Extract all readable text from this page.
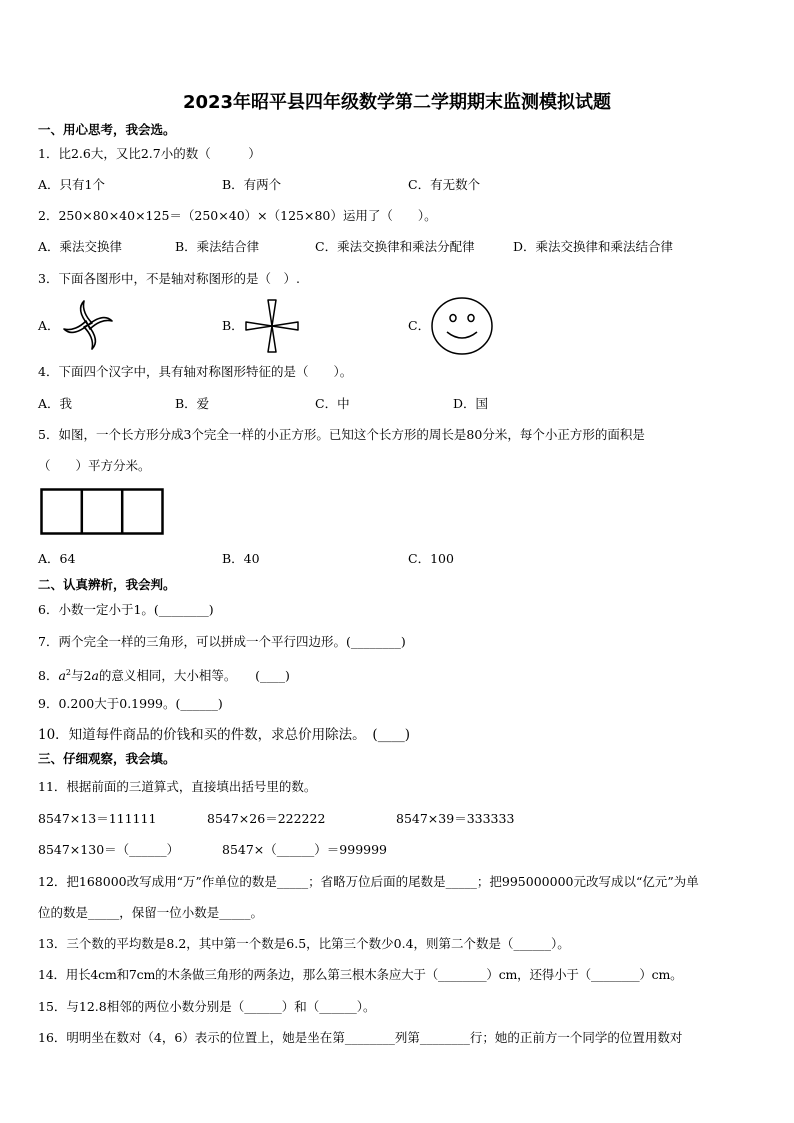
2023年昭平县四年级数学第二学期期末监测模拟试题
一、用心思考，我会选。
1．比2.6大，又比2.7小的数（　　　）
A．只有1个	B．有两个	C．有无数个
2．250×80×40×125＝（250×40）×（125×80）运用了（　　）。
A．乘法交换律	B．乘法结合律	C．乘法交换律和乘法分配律	D．乘法交换律和乘法结合律
3．下面各图形中，不是轴对称图形的是（　）.
A．	B．	C．
4．下面四个汉字中，具有轴对称图形特征的是（　　）。
A．我	B．爱	C．中	D．国
5．如图，一个长方形分成3个完全一样的小正方形。已知这个长方形的周长是80分米，每个小正方形的面积是
（　　）平方分米。
A．64	B．40	C．100
二、认真辨析，我会判。
6．小数一定小于1。(________)
7．两个完全一样的三角形，可以拼成一个平行四边形。(________)
8．$a^2$与2a的意义相同，大小相等。　　(____)
9．0.200大于0.1999。(______)
10．知道每件商品的价钱和买的件数，求总价用除法。　(____)
三、仔细观察，我会填。
11．根据前面的三道算式，直接填出括号里的数。
8547×13＝111111	8547×26＝222222	8547×39＝333333
8547×130＝（______）	8547×（______）＝999999
12．把168000改写成用“万”作单位的数是_____；省略万位后面的尾数是_____；把995000000元改写成以“亿元”为单
位的数是_____，保留一位小数是_____。
13．三个数的平均数是8.2，其中第一个数是6.5，比第三个数少0.4，则第二个数是（______）。
14．用长4cm和7cm的木条做三角形的两条边，那么第三根木条应大于（________）cm，还得小于（________）cm。
15．与12.8相邻的两位小数分别是（______）和（______）。
16．明明坐在数对（4，6）表示的位置上，她是坐在第________列第________行；她的正前方一个同学的位置用数对
